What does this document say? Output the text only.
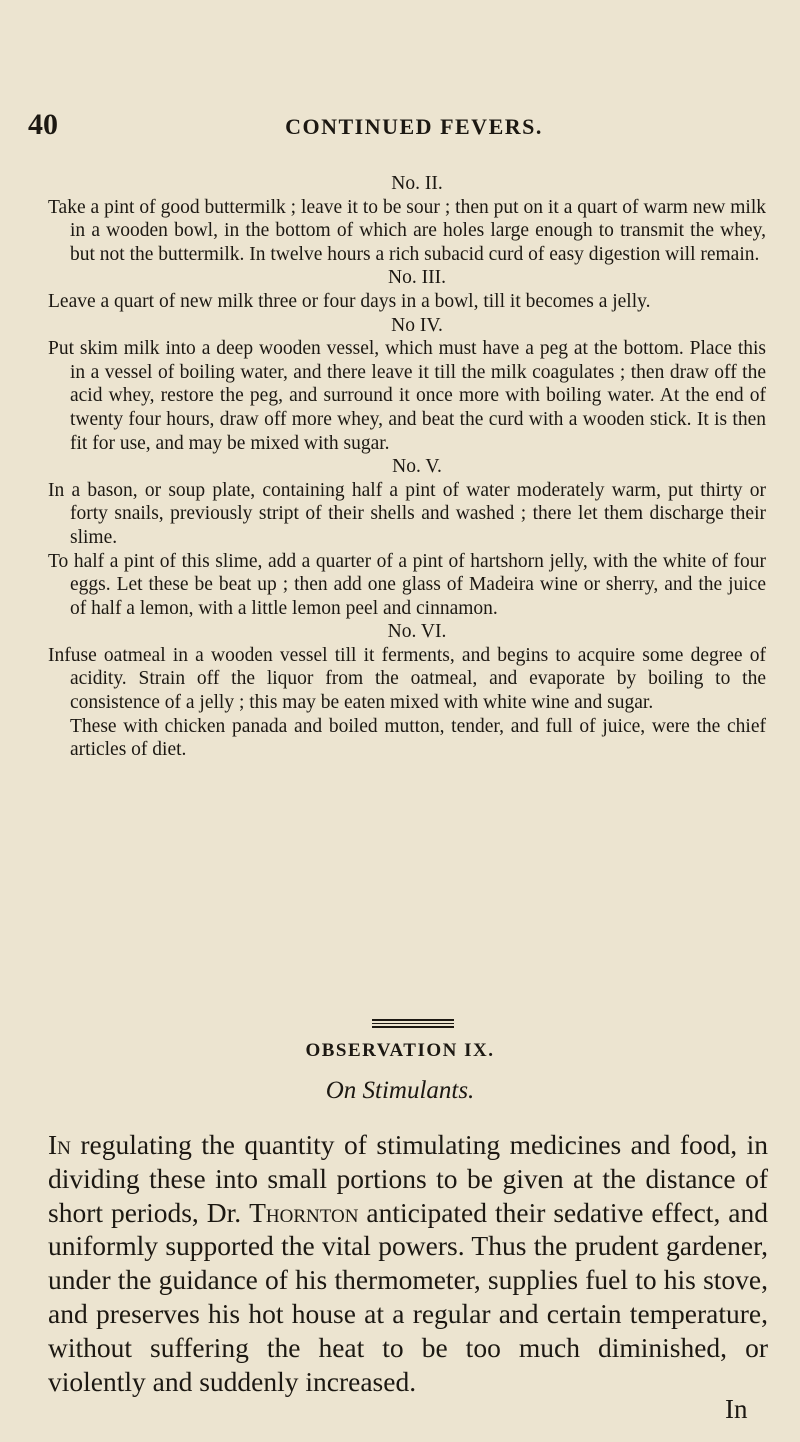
40	CONTINUED FEVERS.

No. II.

Take a pint of good buttermilk ; leave it to be sour ; then put on it a quart of warm new milk in a wooden bowl, in the bottom of which are holes large enough to transmit the whey, but not the buttermilk. In twelve hours a rich subacid curd of easy digestion will remain.

No. III.

Leave a quart of new milk three or four days in a bowl, till it becomes a jelly.

No IV.

Put skim milk into a deep wooden vessel, which must have a peg at the bottom. Place this in a vessel of boiling water, and there leave it till the milk coagulates ; then draw off the acid whey, restore the peg, and surround it once more with boiling water. At the end of twenty four hours, draw off more whey, and beat the curd with a wooden stick. It is then fit for use, and may be mixed with sugar.

No. V.

In a bason, or soup plate, containing half a pint of water moderately warm, put thirty or forty snails, previously stript of their shells and washed ; there let them discharge their slime.

To half a pint of this slime, add a quarter of a pint of hartshorn jelly, with the white of four eggs. Let these be beat up ; then add one glass of Madeira wine or sherry, and the juice of half a lemon, with a little lemon peel and cinnamon.

No. VI.

Infuse oatmeal in a wooden vessel till it ferments, and begins to acquire some degree of acidity. Strain off the liquor from the oatmeal, and evaporate by boiling to the consistence of a jelly ; this may be eaten mixed with white wine and sugar.

These with chicken panada and boiled mutton, tender, and full of juice, were the chief articles of diet.

OBSERVATION IX.
On Stimulants.

In regulating the quantity of stimulating medicines and food, in dividing these into small portions to be given at the distance of short periods, Dr. Thornton anticipated their sedative effect, and uniformly supported the vital powers. Thus the prudent gardener, under the guidance of his thermometer, supplies fuel to his stove, and preserves his hot house at a regular and certain temperature, without suffering the heat to be too much diminished, or violently and suddenly increased.

In
